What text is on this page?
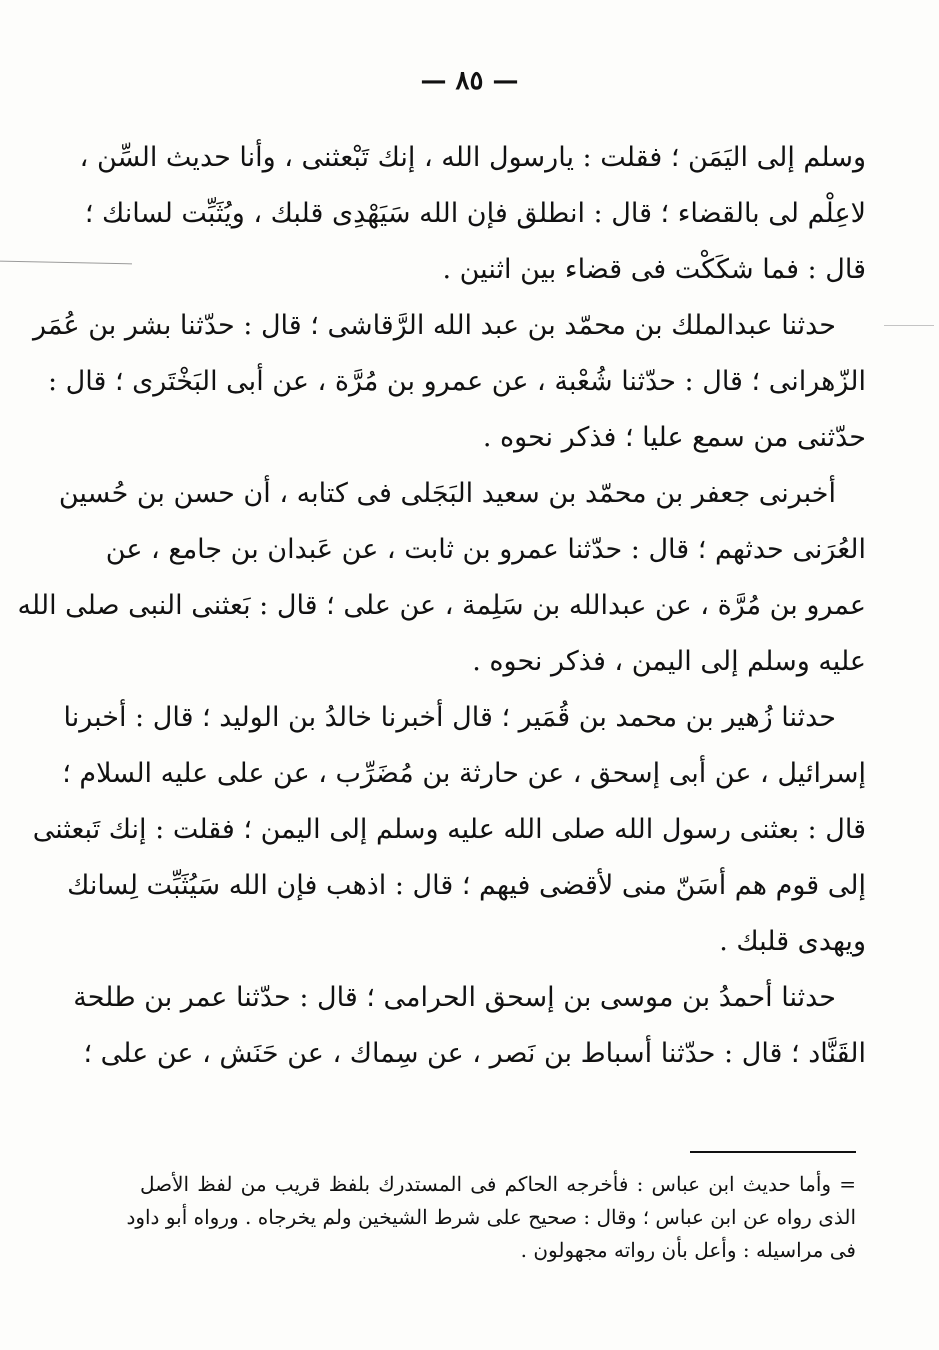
— ٨٥ —
وسلم إلى اليَمَن ؛ فقلت : يارسول الله ، إنك تَبْعثنى ، وأنا حديث السِّن ،
لاعِلْم لى بالقضاء ؛ قال : انطلق فإن الله سَيَهْدِى قلبك ، ويُثَبِّت لسانك ؛
قال : فما شكَكْت فى قضاء بين اثنين .
حدثنا عبدالملك بن محمّد بن عبد الله الرَّقاشى ؛ قال : حدّثنا بشر بن عُمَر
الزّهرانى ؛ قال : حدّثنا شُعْبة ، عن عمرو بن مُرَّة ، عن أبى البَخْتَرى ؛ قال :
حدّثنى من سمع عليا ؛ فذكر نحوه .
أخبرنى جعفر بن محمّد بن سعيد البَجَلى فى كتابه ، أن حسن بن حُسين
العُرَنى حدثهم ؛ قال : حدّثنا عمرو بن ثابت ، عن عَبدان بن جامع ، عن
عمرو بن مُرَّة ، عن عبدالله بن سَلِمة ، عن على ؛ قال : بَعثنى النبى صلى الله
عليه وسلم إلى اليمن ، فذكر نحوه .
حدثنا زُهير بن محمد بن قُمَير ؛ قال أخبرنا خالدُ بن الوليد ؛ قال : أخبرنا
إسرائيل ، عن أبى إسحق ، عن حارثة بن مُضَرِّب ، عن على عليه السلام ؛
قال : بعثنى رسول الله صلى الله عليه وسلم إلى اليمن ؛ فقلت : إنك تَبعثنى
إلى قوم هم أسَنّ منى لأقضى فيهم ؛ قال : اذهب فإن الله سَيُثَبِّت لِسانك
ويهدى قلبك .
حدثنا أحمدُ بن موسى بن إسحق الحرامى ؛ قال : حدّثنا عمر بن طلحة
القَنَّاد ؛ قال : حدّثنا أسباط بن نَصر ، عن سِماك ، عن حَنَش ، عن على ؛
= وأما حديث ابن عباس : فأخرجه الحاكم فى المستدرك بلفظ قريب من لفظ الأصل
الذى رواه عن ابن عباس ؛ وقال : صحيح على شرط الشيخين ولم يخرجاه . ورواه أبو داود
فى مراسيله : وأعل بأن رواته مجهولون .
